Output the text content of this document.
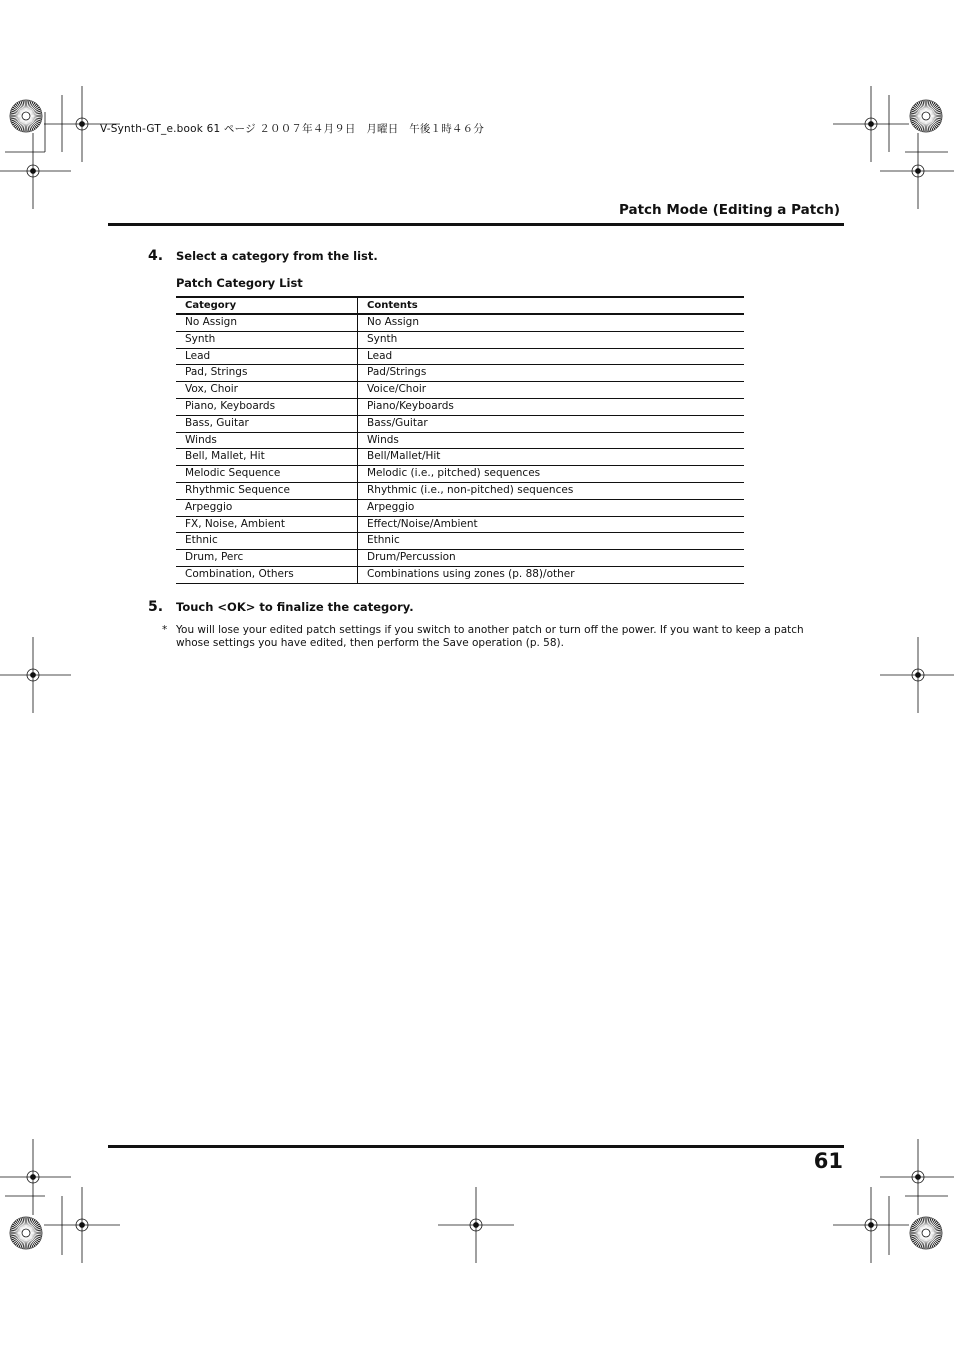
V-Synth-GT_e.book 61 ページ ２００７年４月９日　月曜日　午後１時４６分
Patch Mode (Editing a Patch)
4. Select a category from the list.
Patch Category List
Category	Contents
No Assign	No Assign
Synth	Synth
Lead	Lead
Pad, Strings	Pad/Strings
Vox, Choir	Voice/Choir
Piano, Keyboards	Piano/Keyboards
Bass, Guitar	Bass/Guitar
Winds	Winds
Bell, Mallet, Hit	Bell/Mallet/Hit
Melodic Sequence	Melodic (i.e., pitched) sequences
Rhythmic Sequence	Rhythmic (i.e., non-pitched) sequences
Arpeggio	Arpeggio
FX, Noise, Ambient	Effect/Noise/Ambient
Ethnic	Ethnic
Drum, Perc	Drum/Percussion
Combination, Others	Combinations using zones (p. 88)/other
5. Touch <OK> to finalize the category.
* You will lose your edited patch settings if you switch to another patch or turn off the power. If you want to keep a patch whose settings you have edited, then perform the Save operation (p. 58).
61
